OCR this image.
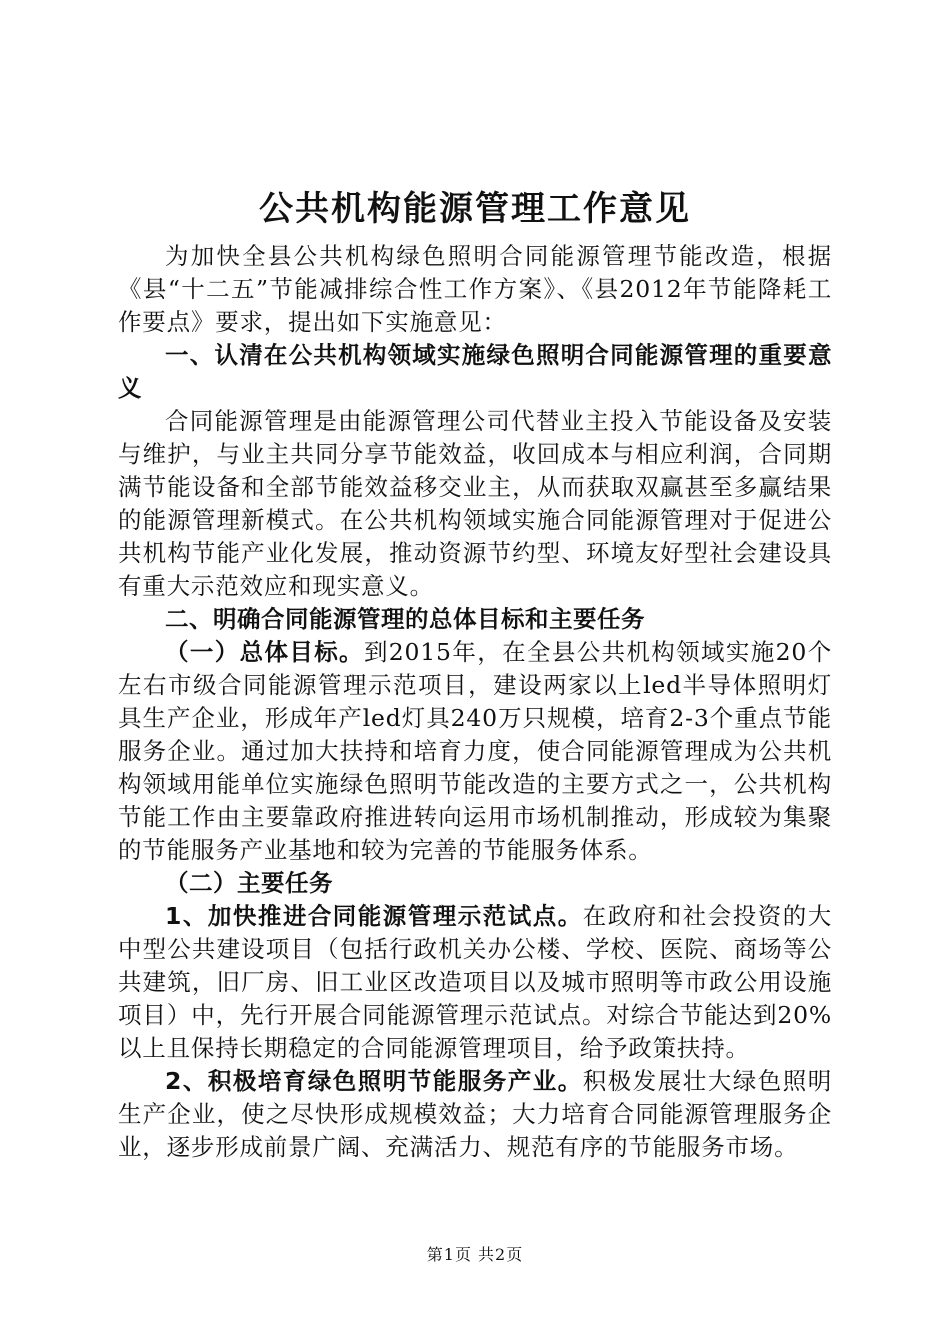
公共机构能源管理工作意见

为加快全县公共机构绿色照明合同能源管理节能改造，根据《县“十二五”节能减排综合性工作方案》、《县2012年节能降耗工作要点》要求，提出如下实施意见：

一、认清在公共机构领域实施绿色照明合同能源管理的重要意义

合同能源管理是由能源管理公司代替业主投入节能设备及安装与维护，与业主共同分享节能效益，收回成本与相应利润，合同期满节能设备和全部节能效益移交业主，从而获取双赢甚至多赢结果的能源管理新模式。在公共机构领域实施合同能源管理对于促进公共机构节能产业化发展，推动资源节约型、环境友好型社会建设具有重大示范效应和现实意义。

二、明确合同能源管理的总体目标和主要任务

（一）总体目标。到2015年，在全县公共机构领域实施20个左右市级合同能源管理示范项目，建设两家以上led半导体照明灯具生产企业，形成年产led灯具240万只规模，培育2-3个重点节能服务企业。通过加大扶持和培育力度，使合同能源管理成为公共机构领域用能单位实施绿色照明节能改造的主要方式之一，公共机构节能工作由主要靠政府推进转向运用市场机制推动，形成较为集聚的节能服务产业基地和较为完善的节能服务体系。

（二）主要任务

1、加快推进合同能源管理示范试点。在政府和社会投资的大中型公共建设项目（包括行政机关办公楼、学校、医院、商场等公共建筑，旧厂房、旧工业区改造项目以及城市照明等市政公用设施项目）中，先行开展合同能源管理示范试点。对综合节能达到20%以上且保持长期稳定的合同能源管理项目，给予政策扶持。

2、积极培育绿色照明节能服务产业。积极发展壮大绿色照明生产企业，使之尽快形成规模效益；大力培育合同能源管理服务企业，逐步形成前景广阔、充满活力、规范有序的节能服务市场。

第1页 共2页
